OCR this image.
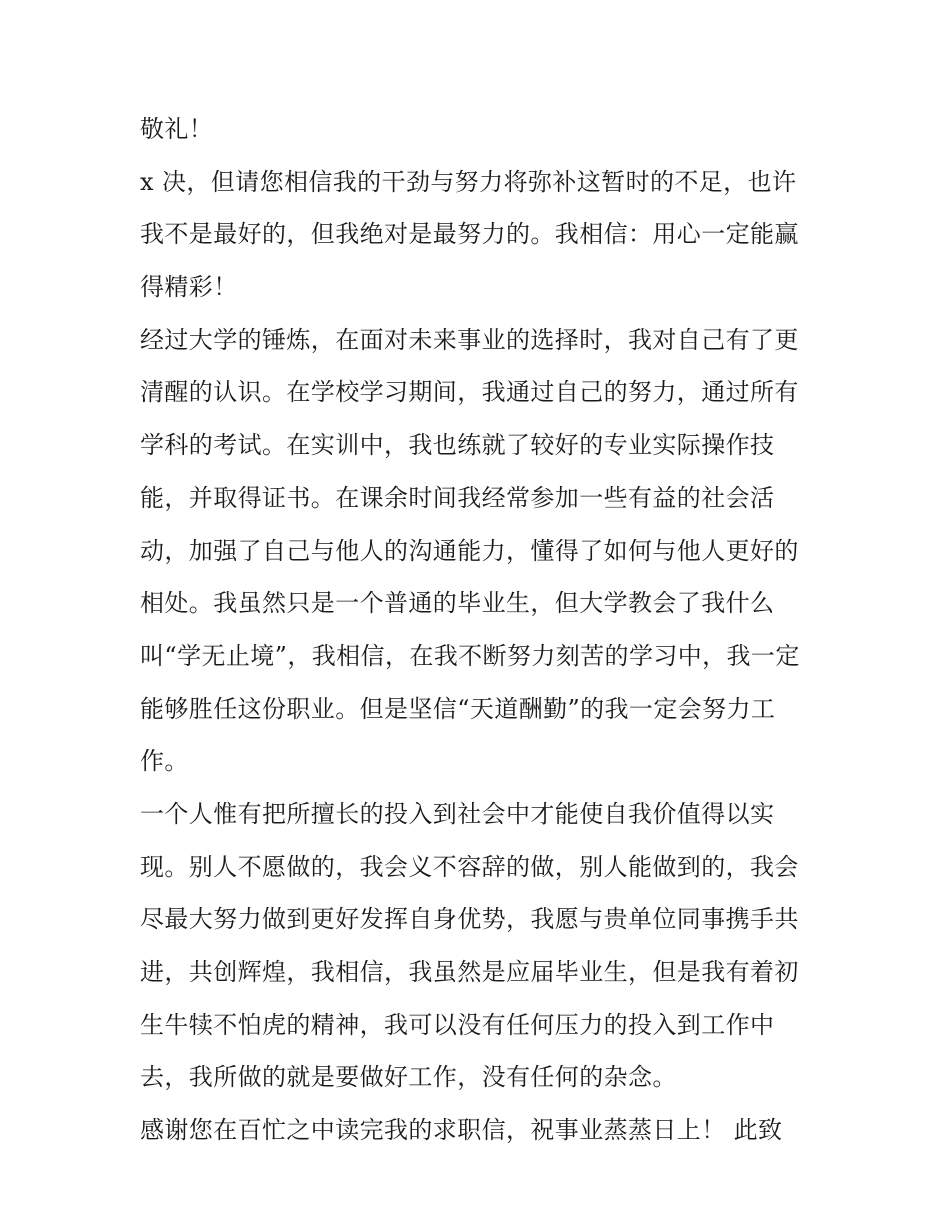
敬礼！
x 决，但请您相信我的干劲与努力将弥补这暂时的不足，也许
我不是最好的，但我绝对是最努力的。我相信：用心一定能赢
得精彩！
经过大学的锤炼，在面对未来事业的选择时，我对自己有了更
清醒的认识。在学校学习期间，我通过自己的努力，通过所有
学科的考试。在实训中，我也练就了较好的专业实际操作技
能，并取得证书。在课余时间我经常参加一些有益的社会活
动，加强了自己与他人的沟通能力，懂得了如何与他人更好的
相处。我虽然只是一个普通的毕业生，但大学教会了我什么
叫“学无止境”，我相信，在我不断努力刻苦的学习中，我一定
能够胜任这份职业。但是坚信“天道酬勤”的我一定会努力工
作。
一个人惟有把所擅长的投入到社会中才能使自我价值得以实
现。别人不愿做的，我会义不容辞的做，别人能做到的，我会
尽最大努力做到更好发挥自身优势，我愿与贵单位同事携手共
进，共创辉煌，我相信，我虽然是应届毕业生，但是我有着初
生牛犊不怕虎的精神，我可以没有任何压力的投入到工作中
去，我所做的就是要做好工作，没有任何的杂念。
感谢您在百忙之中读完我的求职信，祝事业蒸蒸日上！ 此致
